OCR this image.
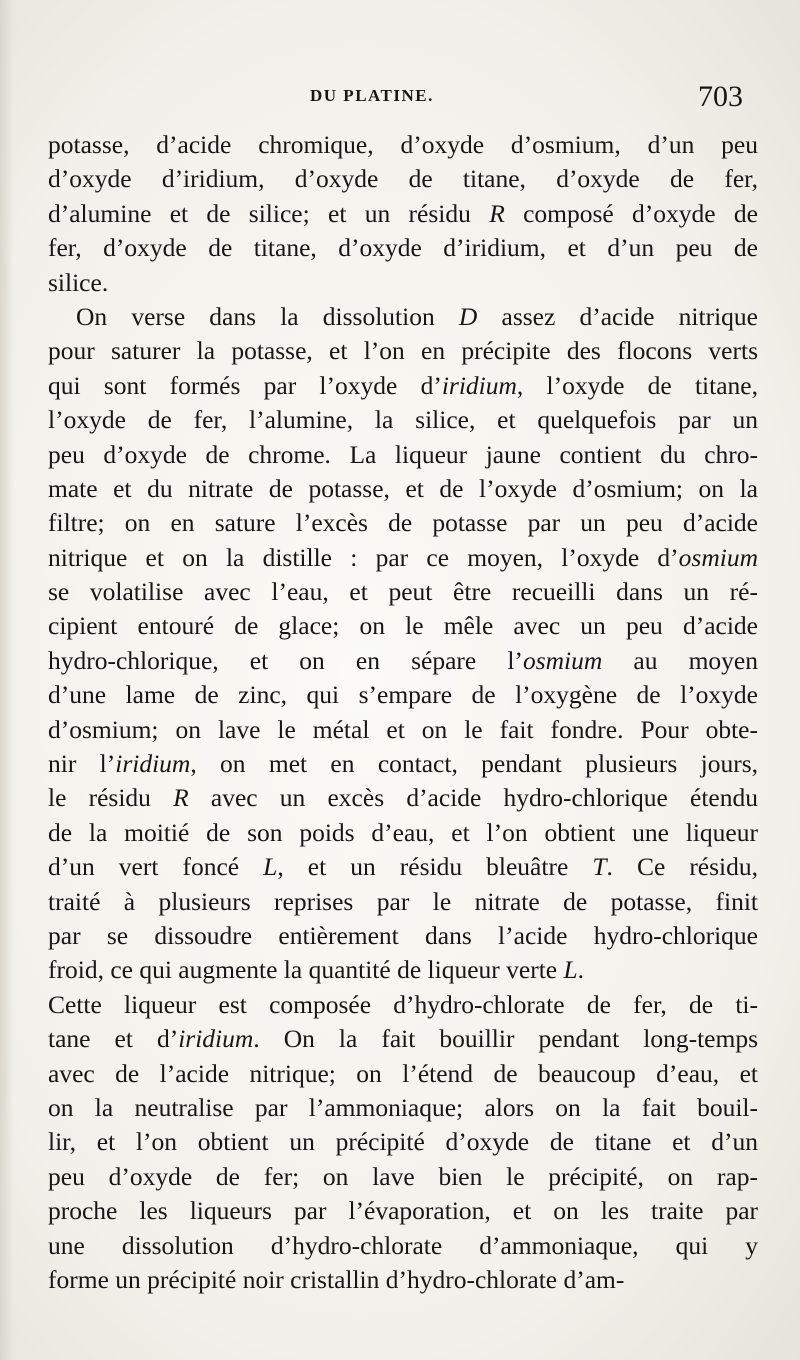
DU PLATINE.	703
potasse, d’acide chromique, d’oxyde d’osmium, d’un peu
d’oxyde d’iridium, d’oxyde de titane, d’oxyde de fer,
d’alumine et de silice; et un résidu R composé d’oxyde de
fer, d’oxyde de titane, d’oxyde d’iridium, et d’un peu de
silice.
On verse dans la dissolution D assez d’acide nitrique
pour saturer la potasse, et l’on en précipite des flocons verts
qui sont formés par l’oxyde d’iridium, l’oxyde de titane,
l’oxyde de fer, l’alumine, la silice, et quelquefois par un
peu d’oxyde de chrome. La liqueur jaune contient du chro-
mate et du nitrate de potasse, et de l’oxyde d’osmium; on la
filtre; on en sature l’excès de potasse par un peu d’acide
nitrique et on la distille : par ce moyen, l’oxyde d’osmium
se volatilise avec l’eau, et peut être recueilli dans un ré-
cipient entouré de glace; on le mêle avec un peu d’acide
hydro-chlorique, et on en sépare l’osmium au moyen
d’une lame de zinc, qui s’empare de l’oxygène de l’oxyde
d’osmium; on lave le métal et on le fait fondre. Pour obte-
nir l’iridium, on met en contact, pendant plusieurs jours,
le résidu R avec un excès d’acide hydro-chlorique étendu
de la moitié de son poids d’eau, et l’on obtient une liqueur
d’un vert foncé L, et un résidu bleuâtre T. Ce résidu,
traité à plusieurs reprises par le nitrate de potasse, finit
par se dissoudre entièrement dans l’acide hydro-chlorique
froid, ce qui augmente la quantité de liqueur verte L.
Cette liqueur est composée d’hydro-chlorate de fer, de ti-
tane et d’iridium. On la fait bouillir pendant long-temps
avec de l’acide nitrique; on l’étend de beaucoup d’eau, et
on la neutralise par l’ammoniaque; alors on la fait bouil-
lir, et l’on obtient un précipité d’oxyde de titane et d’un
peu d’oxyde de fer; on lave bien le précipité, on rap-
proche les liqueurs par l’évaporation, et on les traite par
une dissolution d’hydro-chlorate d’ammoniaque, qui y
forme un précipité noir cristallin d’hydro-chlorate d’am-
